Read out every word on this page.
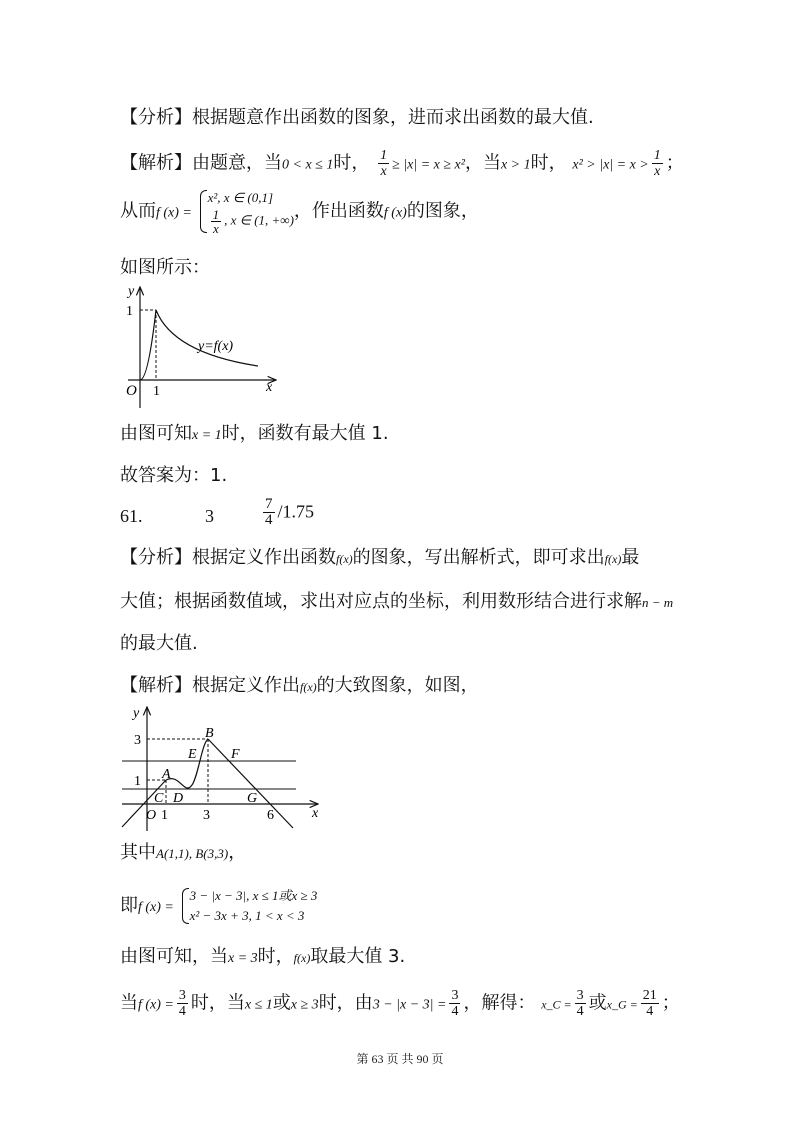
【分析】根据题意作出函数的图象，进而求出函数的最大值.
【解析】由题意，当0 < x ≤ 1时， $\frac{1}{x} \ge |x| = x \ge x^2$，当x > 1时， $x^2 > |x| = x > \frac{1}{x}$ ；
从而f (x) =
x², x ∈ (0,1]
$\frac{1}{x}$ , x ∈ (1, +∞) ，作出函数f (x)的图象，
如图所示：
y
x
1
1
O
y=f(x)
由图可知x = 1时，函数有最大值 1.
故答案为：1.
61.	3	$\frac{7}{4} /1.75$
【分析】根据定义作出函数f(x)的图象，写出解析式，即可求出f(x)最
大值；根据函数值域，求出对应点的坐标，利用数形结合进行求解n − m
的最大值.
【解析】根据定义作出f(x)的大致图象，如图，
y
x
3
1
O 1	3	6
A
B
C D
E F
G
其中A(1,1), B(3,3)，
即f (x) =
3 − |x − 3|, x ≤ 1或x ≥ 3
x² − 3x + 3, 1 < x < 3
由图可知，当x = 3时，f(x)取最大值 3.
当f $(x) = \frac{3}{4}$ 时，当x ≤ 1或x ≥ 3时，由$3 - |x - 3| = \frac{3}{4}$ ，解得： x_C = $\frac{3}{4}$ 或x_G = $\frac{21}{4}$ ；
第 63 页 共 90 页
